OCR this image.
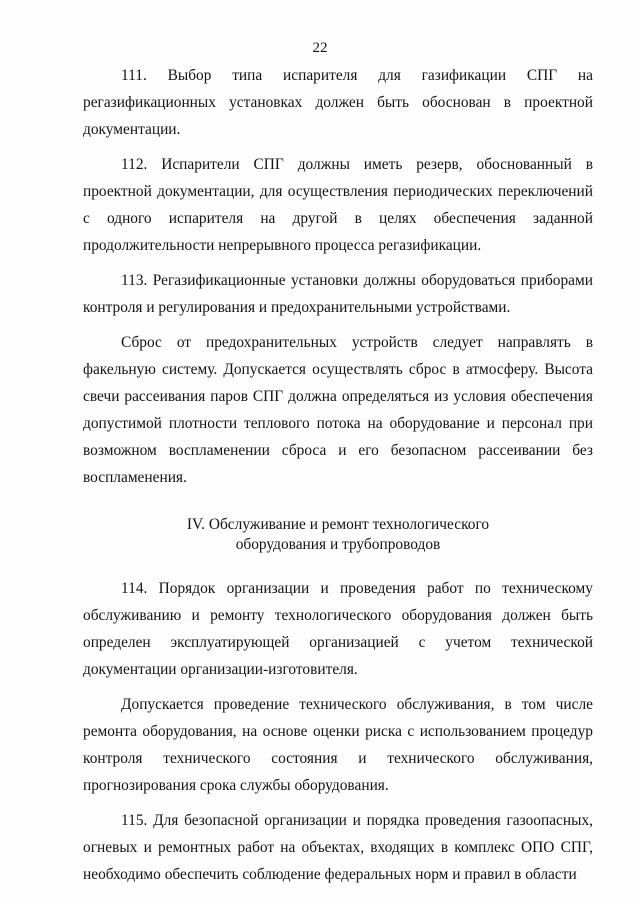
22

111. Выбор типа испарителя для газификации СПГ на регазификационных установках должен быть обоснован в проектной документации.

112. Испарители СПГ должны иметь резерв, обоснованный в проектной документации, для осуществления периодических переключений с одного испарителя на другой в целях обеспечения заданной продолжительности непрерывного процесса регазификации.

113. Регазификационные установки должны оборудоваться приборами контроля и регулирования и предохранительными устройствами.

Сброс от предохранительных устройств следует направлять в факельную систему. Допускается осуществлять сброс в атмосферу. Высота свечи рассеивания паров СПГ должна определяться из условия обеспечения допустимой плотности теплового потока на оборудование и персонал при возможном воспламенении сброса и его безопасном рассеивании без воспламенения.

IV. Обслуживание и ремонт технологического
оборудования и трубопроводов

114. Порядок организации и проведения работ по техническому обслуживанию и ремонту технологического оборудования должен быть определен эксплуатирующей организацией с учетом технической документации организации-изготовителя.

Допускается проведение технического обслуживания, в том числе ремонта оборудования, на основе оценки риска с использованием процедур контроля технического состояния и технического обслуживания, прогнозирования срока службы оборудования.

115. Для безопасной организации и порядка проведения газоопасных, огневых и ремонтных работ на объектах, входящих в комплекс ОПО СПГ, необходимо обеспечить соблюдение федеральных норм и правил в области
